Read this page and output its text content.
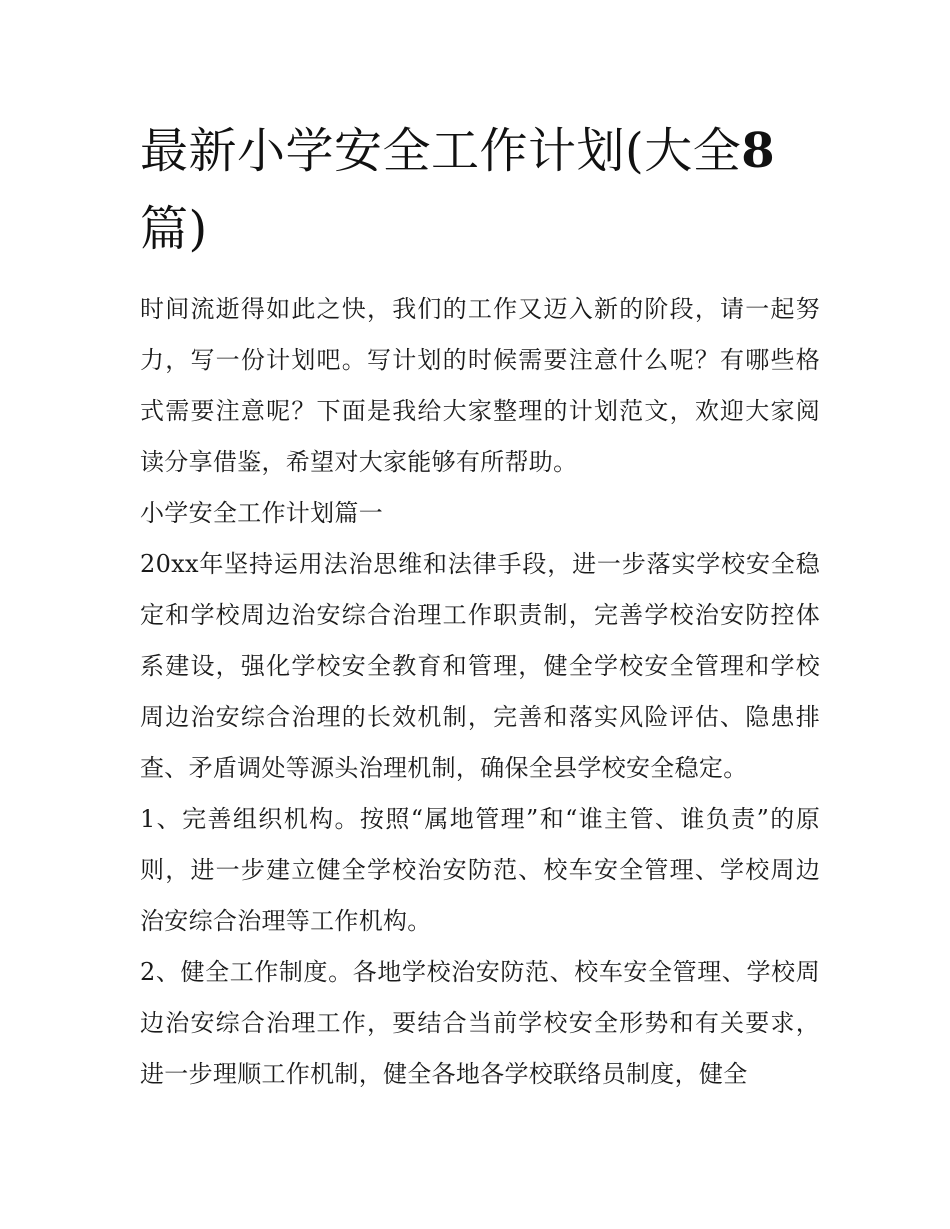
最新小学安全工作计划(大全8篇)

时间流逝得如此之快，我们的工作又迈入新的阶段，请一起努力，写一份计划吧。写计划的时候需要注意什么呢？有哪些格式需要注意呢？下面是我给大家整理的计划范文，欢迎大家阅读分享借鉴，希望对大家能够有所帮助。

小学安全工作计划篇一

20xx年坚持运用法治思维和法律手段，进一步落实学校安全稳定和学校周边治安综合治理工作职责制，完善学校治安防控体系建设，强化学校安全教育和管理，健全学校安全管理和学校周边治安综合治理的长效机制，完善和落实风险评估、隐患排查、矛盾调处等源头治理机制，确保全县学校安全稳定。

1、完善组织机构。按照“属地管理”和“谁主管、谁负责”的原则，进一步建立健全学校治安防范、校车安全管理、学校周边治安综合治理等工作机构。

2、健全工作制度。各地学校治安防范、校车安全管理、学校周边治安综合治理工作，要结合当前学校安全形势和有关要求，进一步理顺工作机制，健全各地各学校联络员制度，健全
